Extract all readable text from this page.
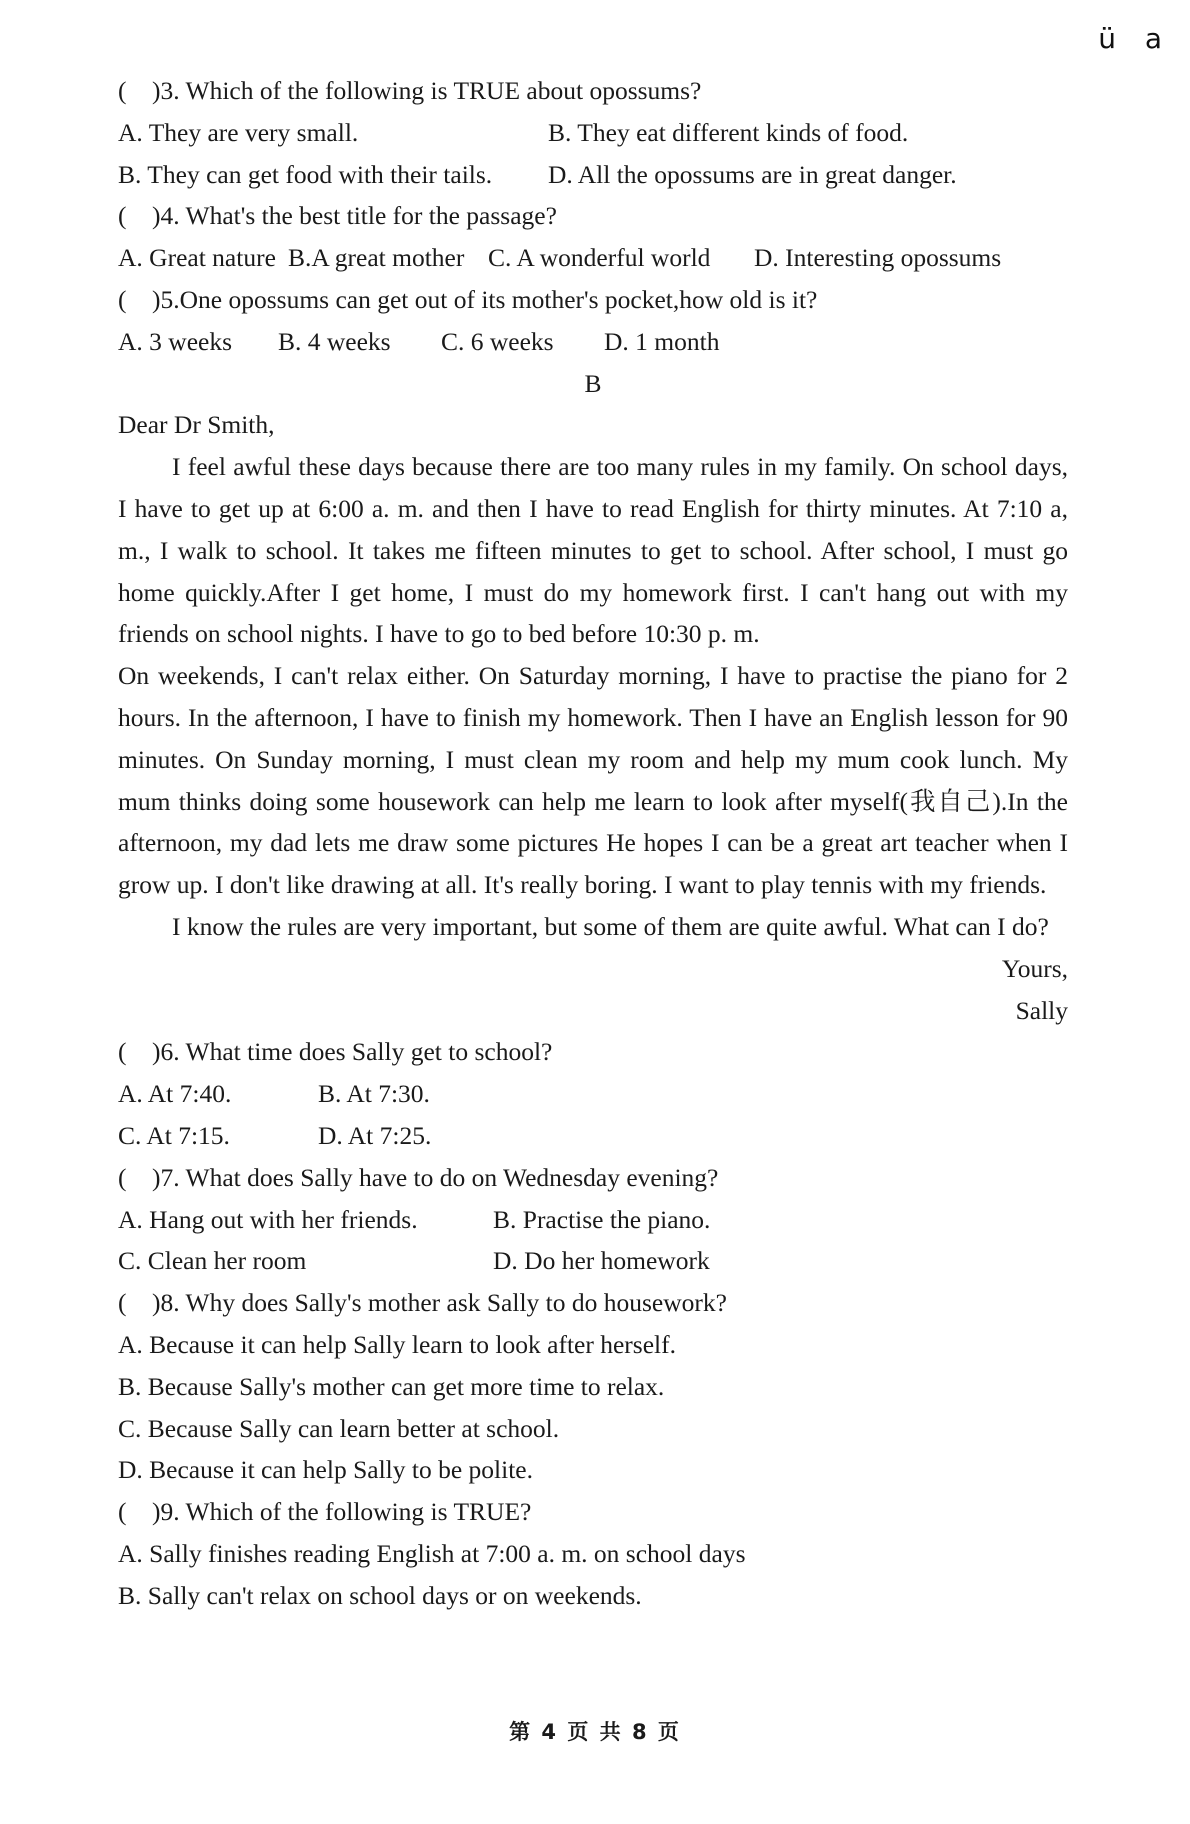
ü a
(　)3. Which of the following is TRUE about opossums?
A. They are very small.	B. They eat different kinds of food.
B. They can get food with their tails.	D. All the opossums are in great danger.
(　)4. What's the best title for the passage?
A. Great nature B.A great mother C. A wonderful world	D. Interesting opossums
(　)5.One opossums can get out of its mother's pocket,how old is it?
A. 3 weeks	B. 4 weeks	C. 6 weeks	D. 1 month
B
Dear Dr Smith,
I feel awful these days because there are too many rules in my family. On school days, I have to get up at 6:00 a. m. and then I have to read English for thirty minutes. At 7:10 a, m., I walk to school. It takes me fifteen minutes to get to school. After school, I must go home quickly.After I get home, I must do my homework first. I can't hang out with my friends on school nights. I have to go to bed before 10:30 p. m.
On weekends, I can't relax either. On Saturday morning, I have to practise the piano for 2 hours. In the afternoon, I have to finish my homework. Then I have an English lesson for 90 minutes. On Sunday morning, I must clean my room and help my mum cook lunch. My mum thinks doing some housework can help me learn to look after myself(我自己).In the afternoon, my dad lets me draw some pictures He hopes I can be a great art teacher when I grow up. I don't like drawing at all. It's really boring. I want to play tennis with my friends.
I know the rules are very important, but some of them are quite awful. What can I do?
Yours,
Sally
(　)6. What time does Sally get to school?
A. At 7:40.	B. At 7:30.
C. At 7:15.	D. At 7:25.
(　)7. What does Sally have to do on Wednesday evening?
A. Hang out with her friends.	B. Practise the piano.
C. Clean her room	D. Do her homework
(　)8. Why does Sally's mother ask Sally to do housework?
A. Because it can help Sally learn to look after herself.
B. Because Sally's mother can get more time to relax.
C. Because Sally can learn better at school.
D. Because it can help Sally to be polite.
(　)9. Which of the following is TRUE?
A. Sally finishes reading English at 7:00 a. m. on school days
B. Sally can't relax on school days or on weekends.
第 4 页 共 8 页
